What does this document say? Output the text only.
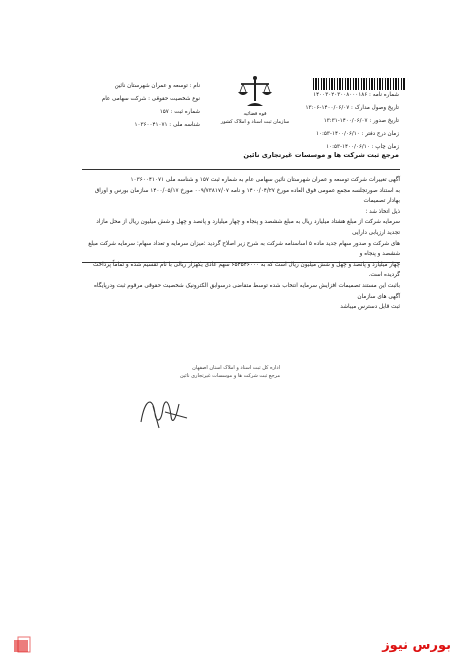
نام : توسعه و عمران شهرستان نائین
نوع شخصیت حقوقی : شرکت سهامی عام
شماره ثبت : ۱۵۷
شناسه ملی : ۱۰۳۶۰۰۴۱۰۷۱
قوه قضائیه
سازمان ثبت اسناد و املاک کشور
شماره نامه : ۱۴۰۰۳۰۲۰۳۰۰۸۰۰۰۱۸۶
تاریخ وصول مدارک : ۱۴۰۰/۰۶/۰۷-۱۳:۰۶
تاریخ صدور : ۱۴۰۰/۰۶/۰۷-۱۳:۳۱
زمان درج دفتر : ۱۴۰۰/۰۶/۱۰-۱۰:۵۳
زمان چاپ : ۱۴۰۰/۰۶/۱۰-۱۰:۵۳
مرجع ثبت شرکت ها و موسسات غیرتجاری نائین

آگهی تغییرات شرکت توسعه و عمران شهرستان نائین سهامی عام به شماره ثبت ۱۵۷ و شناسه ملی ۱۰۳۶۰۰۴۱۰۷۱

به استناد صورتجلسه مجمع عمومی فوق العاده مورخ ۱۴۰۰/۰۴/۲۷ و نامه ۰۰۹/۷۳۸۱۷/۰۷ مورخ ۱۴۰۰/۰۵/۱۷ سازمان بورس و اوراق بهادار تصمیمات

ذیل اتخاذ شد :

سرمایه شرکت از مبلغ هشتاد میلیارد ریال به مبلغ ششصد و پنجاه و چهار میلیارد و پانصد و چهل و شش میلیون ریال از محل مازاد تجدید ارزیابی دارایی

های شرکت و صدور سهام جدید ماده ۵ اساسنامه شرکت به شرح زیر اصلاح گردید :میزان سرمایه و تعداد سهام: سرمایه شرکت مبلغ ششصد و پنجاه و

چهار میلیارد و پانصد و چهل و شش میلیون ریال است که به ۶۵۴۵۴۶۰۰۰ سهم عادی یکهزار ریالی با نام تقسیم شده و تماماً پرداخت گردیده است.

باثبت این مستند تصمیمات افزایش سرمایه انتخاب شده توسط متقاضی درسوابق الکترونیک شخصیت حقوقی مرقوم ثبت ودرپایگاه آگهی های سازمان

ثبت قابل دسترس میباشد

اداره کل ثبت اسناد و املاک استان اصفهان
مرجع ثبت شرکت ها و موسسات غیرتجاری نائین
بورس نیوز
